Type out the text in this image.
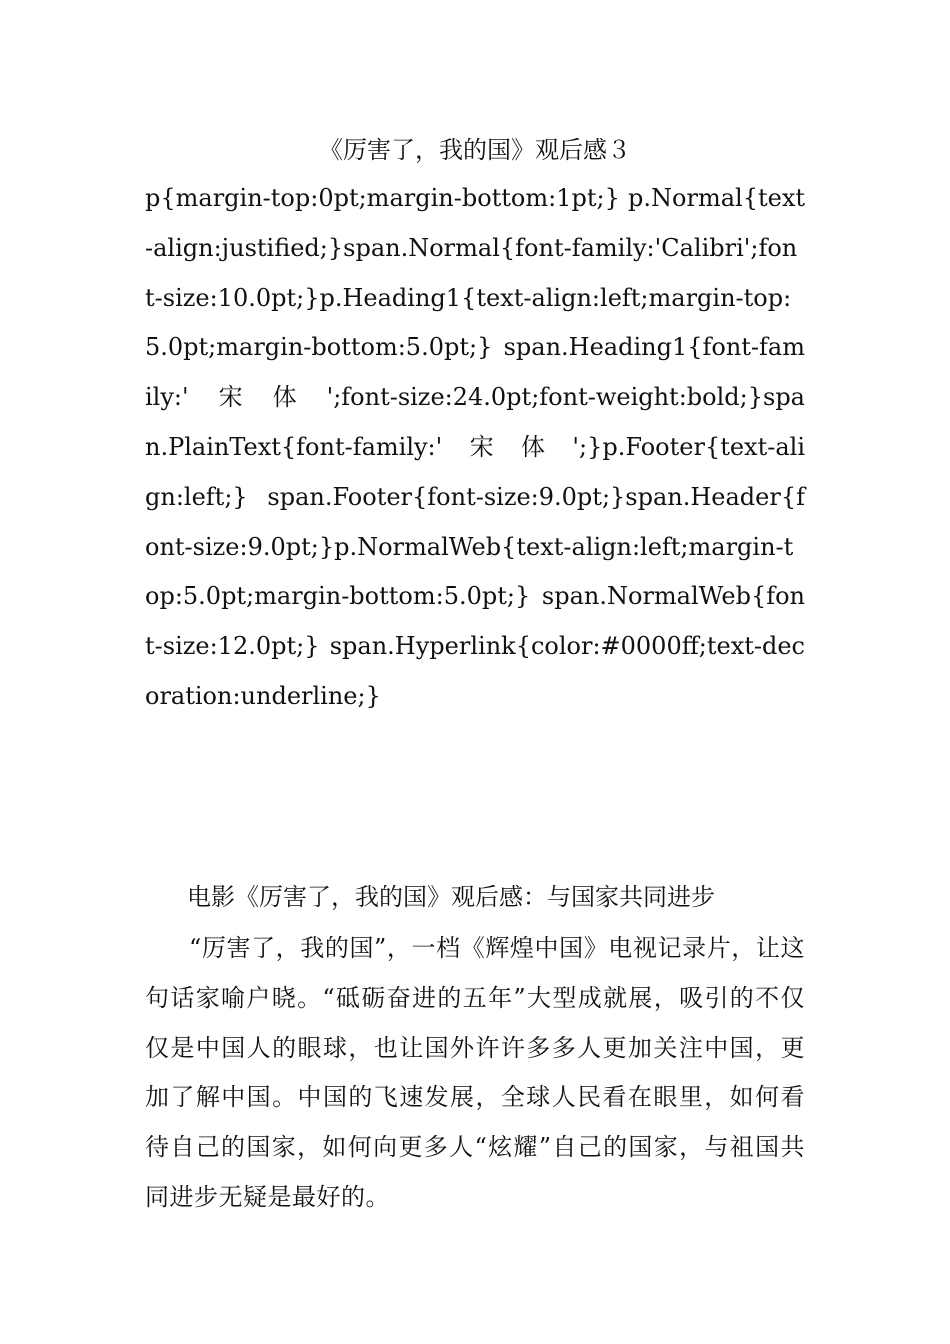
《厉害了，我的国》观后感３

p{margin-top:0pt;margin-bottom:1pt;} p.Normal{text-align:justified;}span.Normal{font-family:'Calibri';font-size:10.0pt;}p.Heading1{text-align:left;margin-top:5.0pt;margin-bottom:5.0pt;} span.Heading1{font-family:'　宋　体　';font-size:24.0pt;font-weight:bold;}span.PlainText{font-family:'　宋　体　';}p.Footer{text-align:left;} span.Footer{font-size:9.0pt;}span.Header{font-size:9.0pt;}p.NormalWeb{text-align:left;margin-top:5.0pt;margin-bottom:5.0pt;} span.NormalWeb{font-size:12.0pt;} span.Hyperlink{color:#0000ff;text-decoration:underline;}

电影《厉害了，我的国》观后感：与国家共同进步

“厉害了，我的国”，一档《辉煌中国》电视记录片，让这句话家喻户晓。“砥砺奋进的五年”大型成就展，吸引的不仅仅是中国人的眼球，也让国外许许多多人更加关注中国，更加了解中国。中国的飞速发展，全球人民看在眼里，如何看待自己的国家，如何向更多人“炫耀”自己的国家，与祖国共同进步无疑是最好的。
